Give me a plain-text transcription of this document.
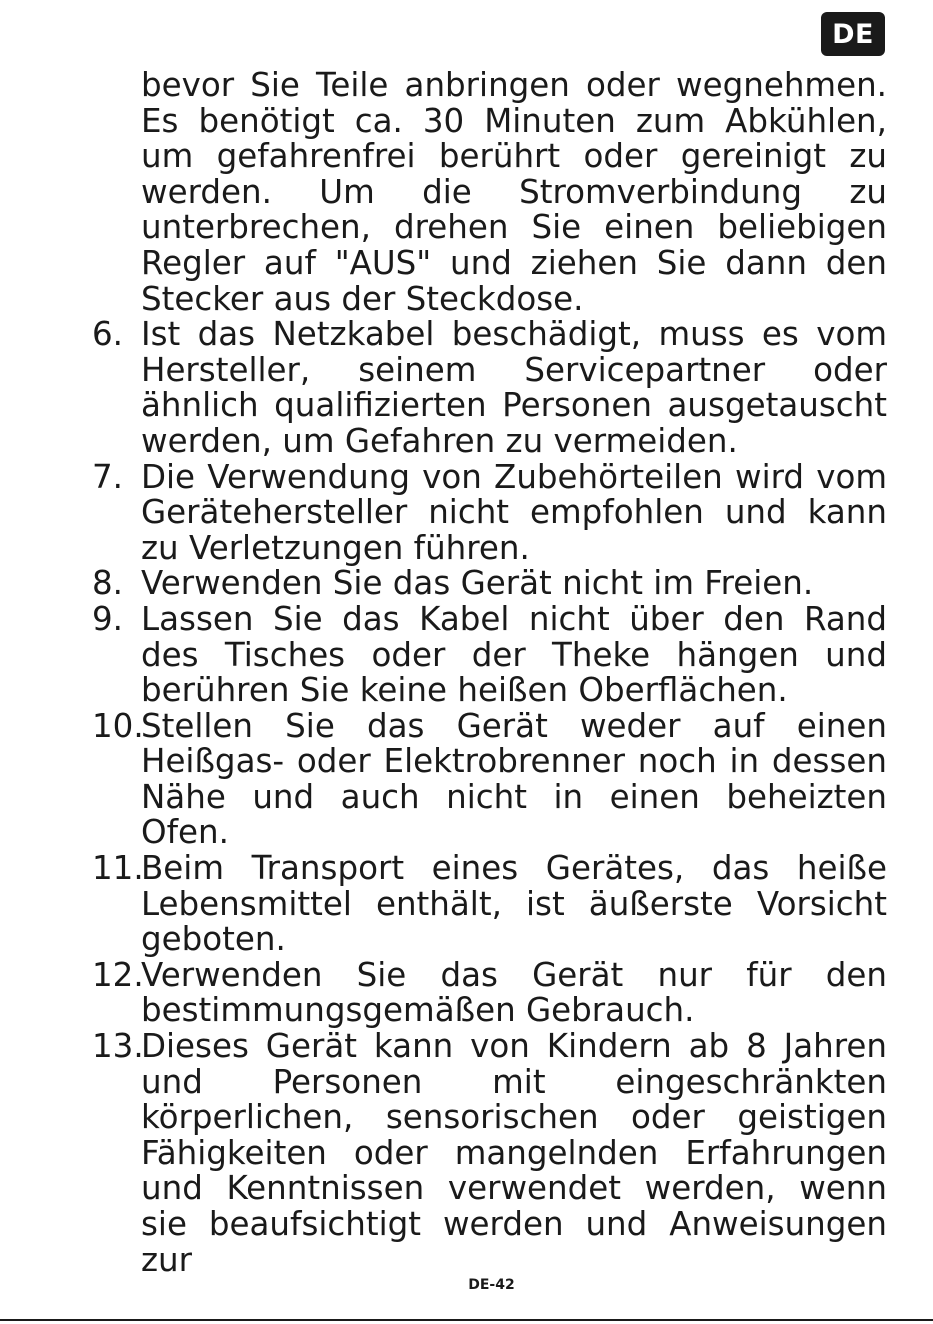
DE
bevor Sie Teile anbringen oder wegnehmen. Es benötigt ca. 30 Minuten zum Abkühlen, um gefahrenfrei berührt oder gereinigt zu werden. Um die Stromverbindung zu unterbrechen, drehen Sie einen beliebigen Regler auf "AUS" und ziehen Sie dann den Stecker aus der Steckdose.
6. Ist das Netzkabel beschädigt, muss es vom Hersteller, seinem Servicepartner oder ähnlich qualifizierten Personen ausgetauscht werden, um Gefahren zu vermeiden.
7. Die Verwendung von Zubehörteilen wird vom Gerätehersteller nicht empfohlen und kann zu Verletzungen führen.
8. Verwenden Sie das Gerät nicht im Freien.
9. Lassen Sie das Kabel nicht über den Rand des Tisches oder der Theke hängen und berühren Sie keine heißen Oberflächen.
10.
Stellen Sie das Gerät weder auf einen Heißgas- oder Elektrobrenner noch in dessen Nähe und auch nicht in einen beheizten Ofen.
11.
Beim Transport eines Gerätes, das heiße Lebensmittel enthält, ist äußerste Vorsicht geboten.
12.
Verwenden Sie das Gerät nur für den bestimmungsgemäßen Gebrauch.
13.
Dieses Gerät kann von Kindern ab 8 Jahren und Personen mit eingeschränkten körperlichen, sensorischen oder geistigen Fähigkeiten oder mangelnden Erfahrungen und Kenntnissen verwendet werden, wenn sie beaufsichtigt werden und Anweisungen zur
DE-42
